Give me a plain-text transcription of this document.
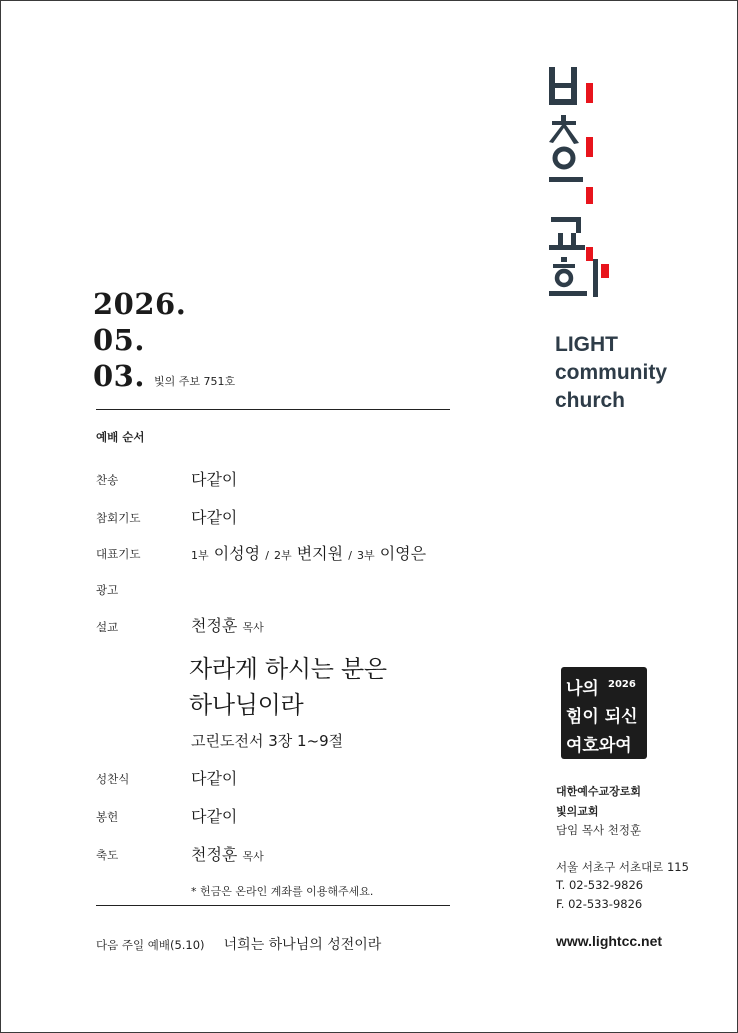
2026.
05.
03. 빛의 주보 751호
예배 순서
찬송	다같이
참회기도	다같이
대표기도	1부 이성영 / 2부 변지원 / 3부 이영은
광고
설교	천정훈 목사
자라게 하시는 분은
하나님이라
고린도전서 3장 1~9절
성찬식	다같이
봉헌	다같이
축도	천정훈 목사
* 헌금은 온라인 계좌를 이용해주세요.
다음 주일 예배(5.10) 너희는 하나님의 성전이라
LIGHT
community
church
나의 2026
힘이 되신
여호와여
대한예수교장로회
빛의교회
담임 목사 천정훈
서울 서초구 서초대로 115
T. 02-532-9826
F. 02-533-9826
www.lightcc.net
